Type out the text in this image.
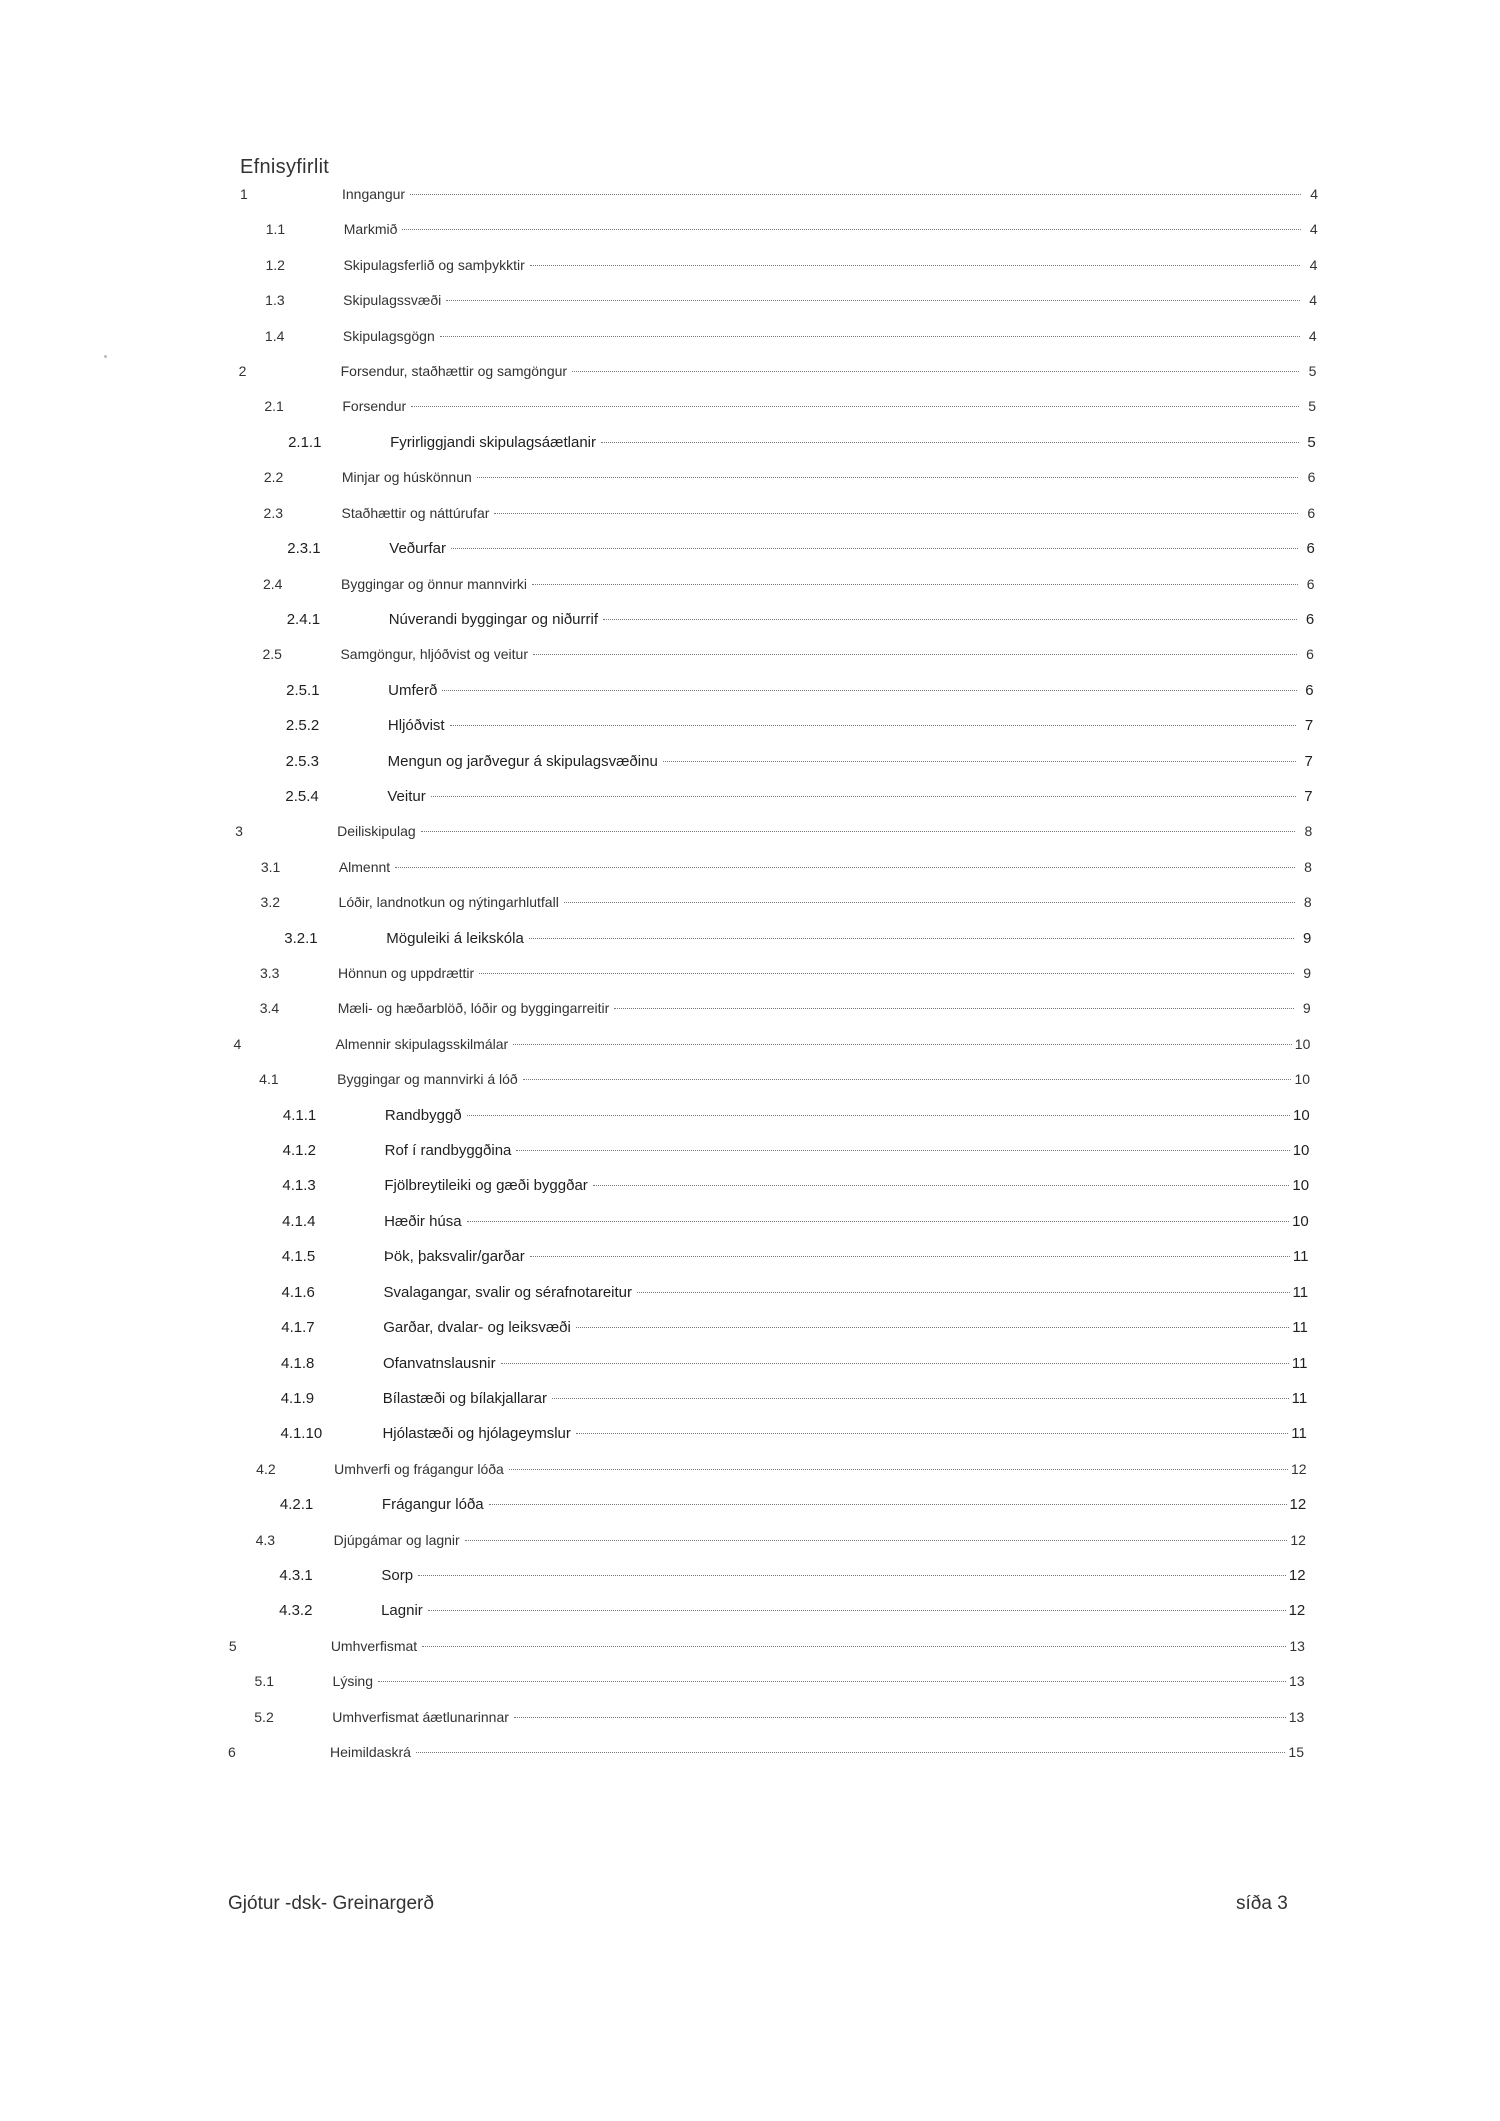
Efnisyfirlit
1	Inngangur	4
1.1	Markmið	4
1.2	Skipulagsferlið og samþykktir	4
1.3	Skipulagssvæði	4
1.4	Skipulagsgögn	4
2	Forsendur, staðhættir og samgöngur	5
2.1	Forsendur	5
2.1.1	Fyrirliggjandi skipulagsáætlanir	5
2.2	Minjar og húskönnun	6
2.3	Staðhættir og náttúrufar	6
2.3.1	Veðurfar	6
2.4	Byggingar og önnur mannvirki	6
2.4.1	Núverandi byggingar og niðurrif	6
2.5	Samgöngur, hljóðvist og veitur	6
2.5.1	Umferð	6
2.5.2	Hljóðvist	7
2.5.3	Mengun og jarðvegur á skipulagsvæðinu	7
2.5.4	Veitur	7
3	Deiliskipulag	8
3.1	Almennt	8
3.2	Lóðir, landnotkun og nýtingarhlutfall	8
3.2.1	Möguleiki á leikskóla	9
3.3	Hönnun og uppdrættir	9
3.4	Mæli- og hæðarblöð, lóðir og byggingarreitir	9
4	Almennir skipulagsskilmálar	10
4.1	Byggingar og mannvirki á lóð	10
4.1.1	Randbyggð	10
4.1.2	Rof í randbyggðina	10
4.1.3	Fjölbreytileiki og gæði byggðar	10
4.1.4	Hæðir húsa	10
4.1.5	Þök, þaksvalir/garðar	11
4.1.6	Svalagangar, svalir og sérafnotareitur	11
4.1.7	Garðar, dvalar- og leiksvæði	11
4.1.8	Ofanvatnslausnir	11
4.1.9	Bílastæði og bílakjallarar	11
4.1.10	Hjólastæði og hjólageymslur	11
4.2	Umhverfi og frágangur lóða	12
4.2.1	Frágangur lóða	12
4.3	Djúpgámar og lagnir	12
4.3.1	Sorp	12
4.3.2	Lagnir	12
5	Umhverfismat	13
5.1	Lýsing	13
5.2	Umhverfismat áætlunarinnar	13
6	Heimildaskrá	15
Gjótur -dsk- Greinargerð	síða 3
